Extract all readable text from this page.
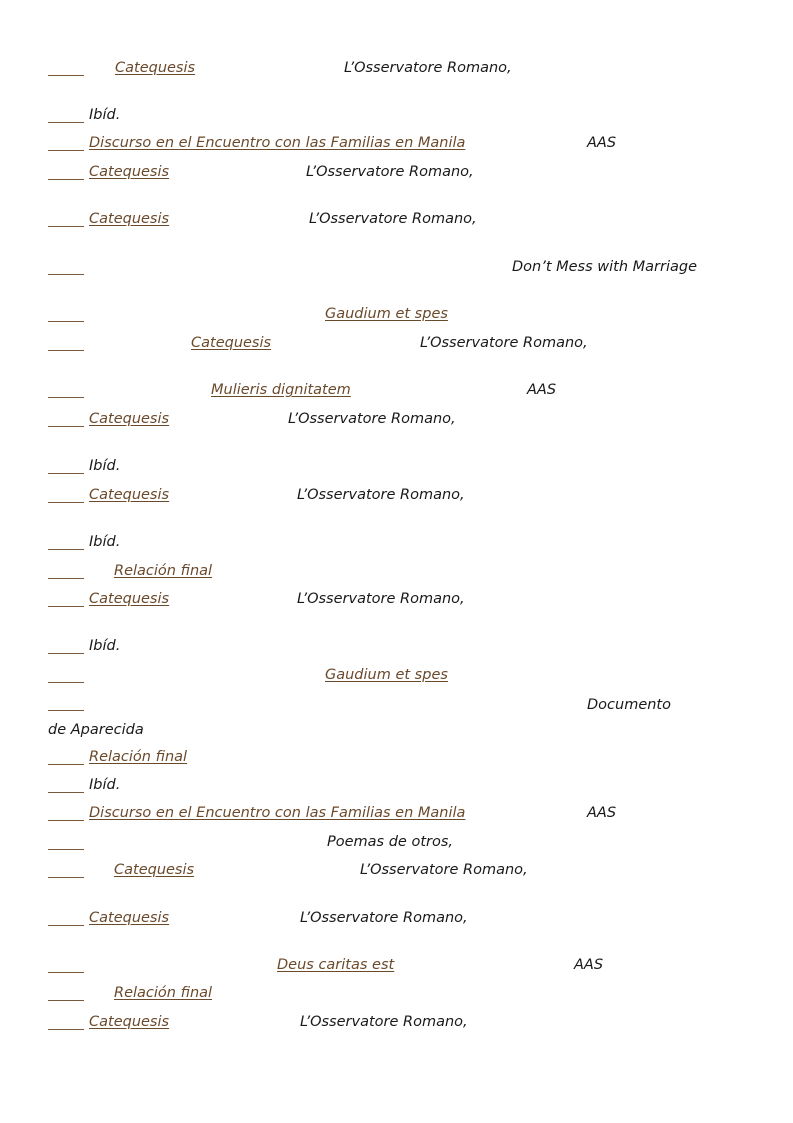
Catequesis	L’Osservatore Romano,
Ibíd.
Discurso en el Encuentro con las Familias en Manila	AAS
Catequesis	L’Osservatore Romano,
Catequesis	L’Osservatore Romano,
Don’t Mess with Marriage
Gaudium et spes
Catequesis	L’Osservatore Romano,
Mulieris dignitatem	AAS
Catequesis	L’Osservatore Romano,
Ibíd.
Catequesis	L’Osservatore Romano,
Ibíd.
Relación final
Catequesis	L’Osservatore Romano,
Ibíd.
Gaudium et spes
Documento de Aparecida
Relación final
Ibíd.
Discurso en el Encuentro con las Familias en Manila	AAS
Poemas de otros,
Catequesis	L’Osservatore Romano,
Catequesis	L’Osservatore Romano,
Deus caritas est	AAS
Relación final
Catequesis	L’Osservatore Romano,
